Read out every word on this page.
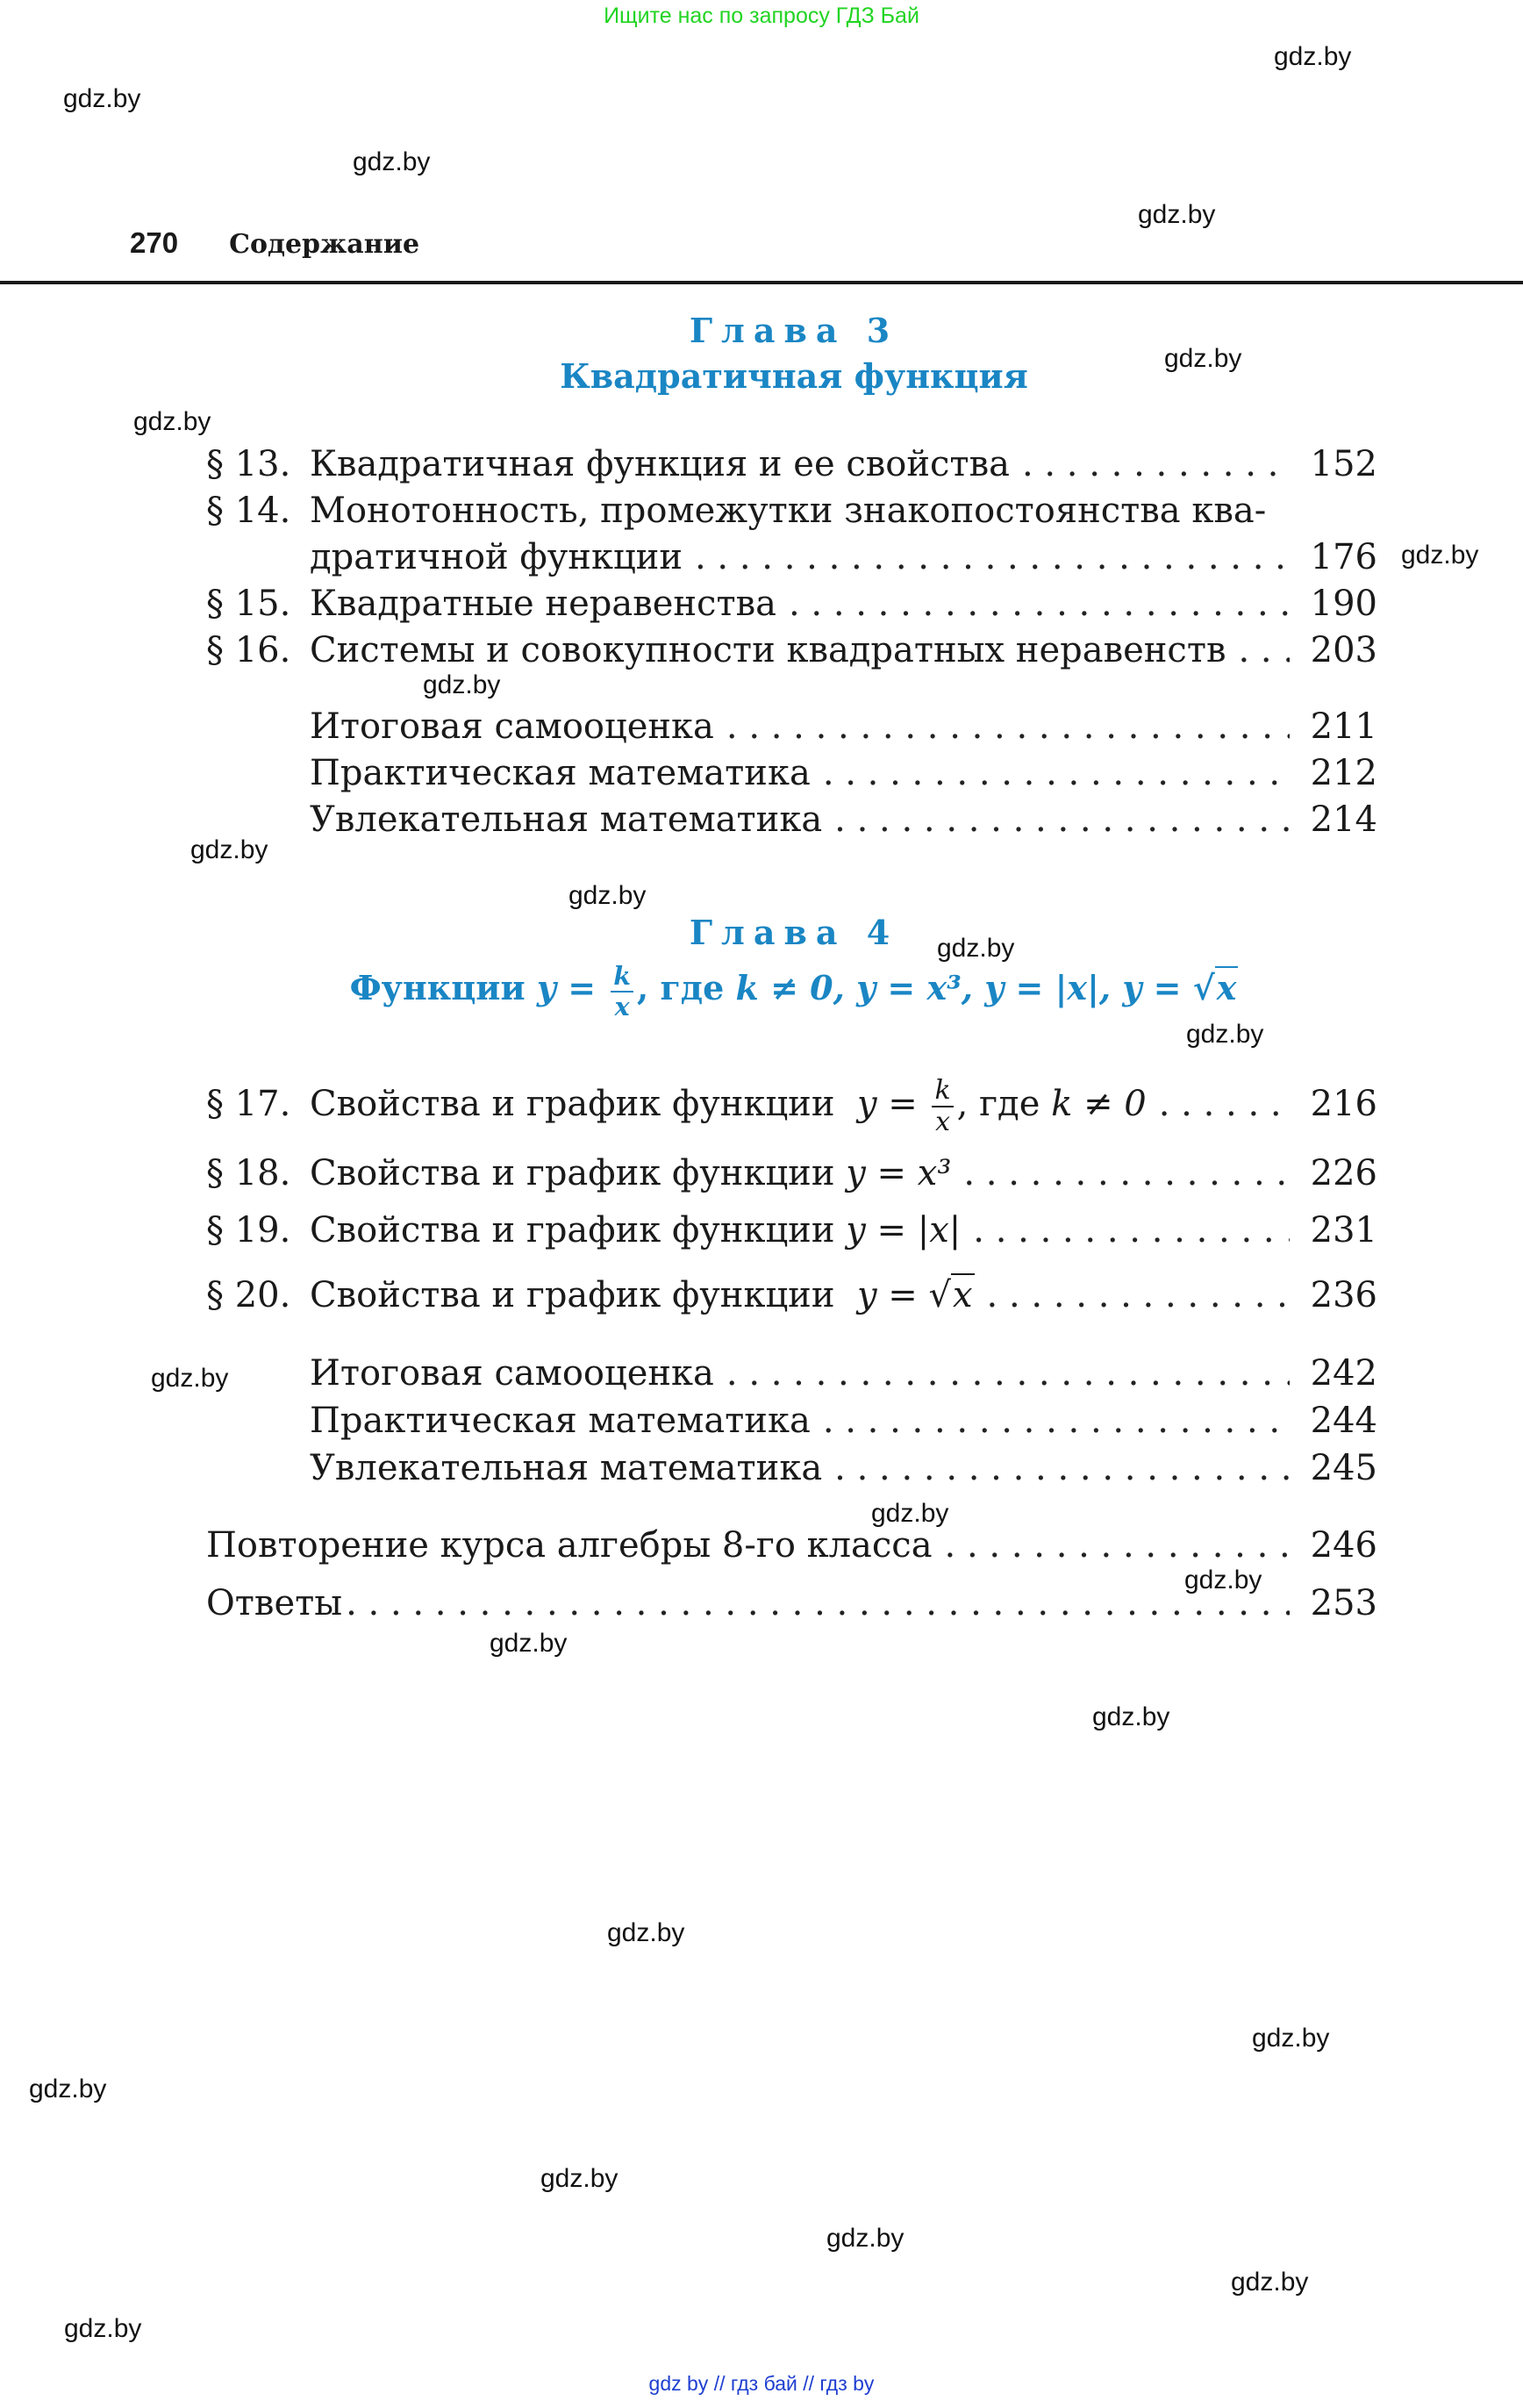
Ищите нас по запросу ГДЗ Бай
270 Содержание
Глава 3
Квадратичная функция
§ 13. Квадратичная функция и ее свойства . . .	152
§ 14. Монотонность, промежутки знакопостоянства ква-
дратичной функции . . .	176
§ 15. Квадратные неравенства . . .	190
§ 16. Системы и совокупности квадратных неравенств . . .	203
Итоговая самооценка . . .	211
Практическая математика . . .	212
Увлекательная математика . . .	214
Глава 4
Функции $y = \frac{k}{x}$ , где k ≠ 0, y = x³, y = |x|, y = √x
§ 17. Свойства и график функции $y = \frac{k}{x}$ , где k ≠ 0 . . .	216
§ 18. Свойства и график функции y = x³ . . .	226
§ 19. Свойства и график функции y = |x| . . .	231
§ 20. Свойства и график функции y = √x . . .	236
Итоговая самооценка . . .	242
Практическая математика . . .	244
Увлекательная математика . . .	245
Повторение курса алгебры 8-го класса . . .	246
Ответы . . .	253
gdz.by
gdz.by
gdz.by
gdz.by
gdz.by
gdz.by
gdz.by
gdz.by
gdz.by
gdz.by
gdz.by
gdz.by
gdz.by
gdz.by
gdz.by
gdz.by
gdz.by
gdz.by
gdz.by
gdz.by
gdz.by
gdz.by
gdz.by
gdz.by
gdz by // гдз бай // гдз by
